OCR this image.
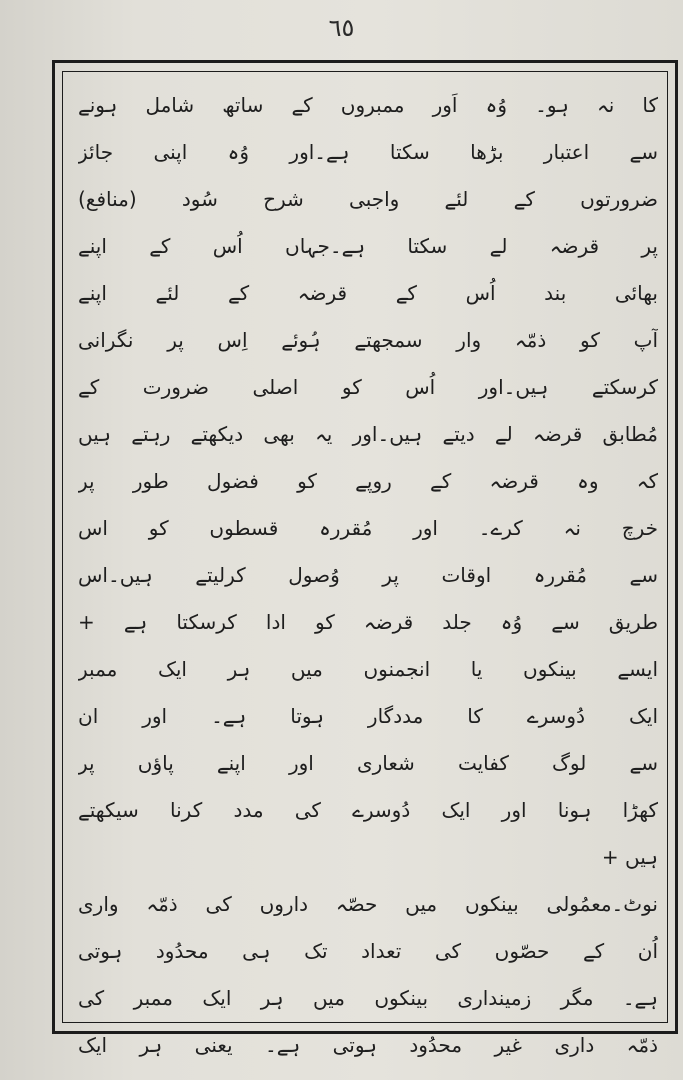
٦٥
کا نہ ہو۔ وُہ اَور ممبروں کے ساتھ شامل ہونے
سے اعتبار بڑھا سکتا ہے۔اور وُہ اپنی جائز
ضرورتوں کے لئے واجبی شرح سُود (منافع)
پر قرضہ لے سکتا ہے۔جہاں اُس کے اپنے
بھائی بند اُس کے قرضہ کے لئے اپنے
آپ کو ذمّہ وار سمجھتے ہُوئے اِس پر نگرانی
کرسکتے ہیں۔اور اُس کو اصلی ضرورت کے
مُطابق قرضہ لے دیتے ہیں۔اور یہ بھی دیکھتے رہتے ہیں
کہ وہ قرضہ کے روپے کو فضول طور پر
خرچ نہ کرے۔ اور مُقررہ قسطوں کو اس
سے مُقررہ اوقات پر وُصول کرلیتے ہیں۔اس
طریق سے وُہ جلد قرضہ کو ادا کرسکتا ہے +
ایسے بینکوں یا انجمنوں میں ہر ایک ممبر
ایک دُوسرے کا مددگار ہوتا ہے۔ اور ان
سے لوگ کفایت شعاری اور اپنے پاؤں پر
کھڑا ہونا اور ایک دُوسرے کی مدد کرنا سیکھتے
ہیں +
نوٹ۔معمُولی بینکوں میں حصّہ داروں کی ذمّہ واری
اُن کے حصّوں کی تعداد تک ہی محدُود ہوتی
ہے۔ مگر زمینداری بینکوں میں ہر ایک ممبر کی
ذمّہ داری غیر محدُود ہوتی ہے۔ یعنی ہر ایک
